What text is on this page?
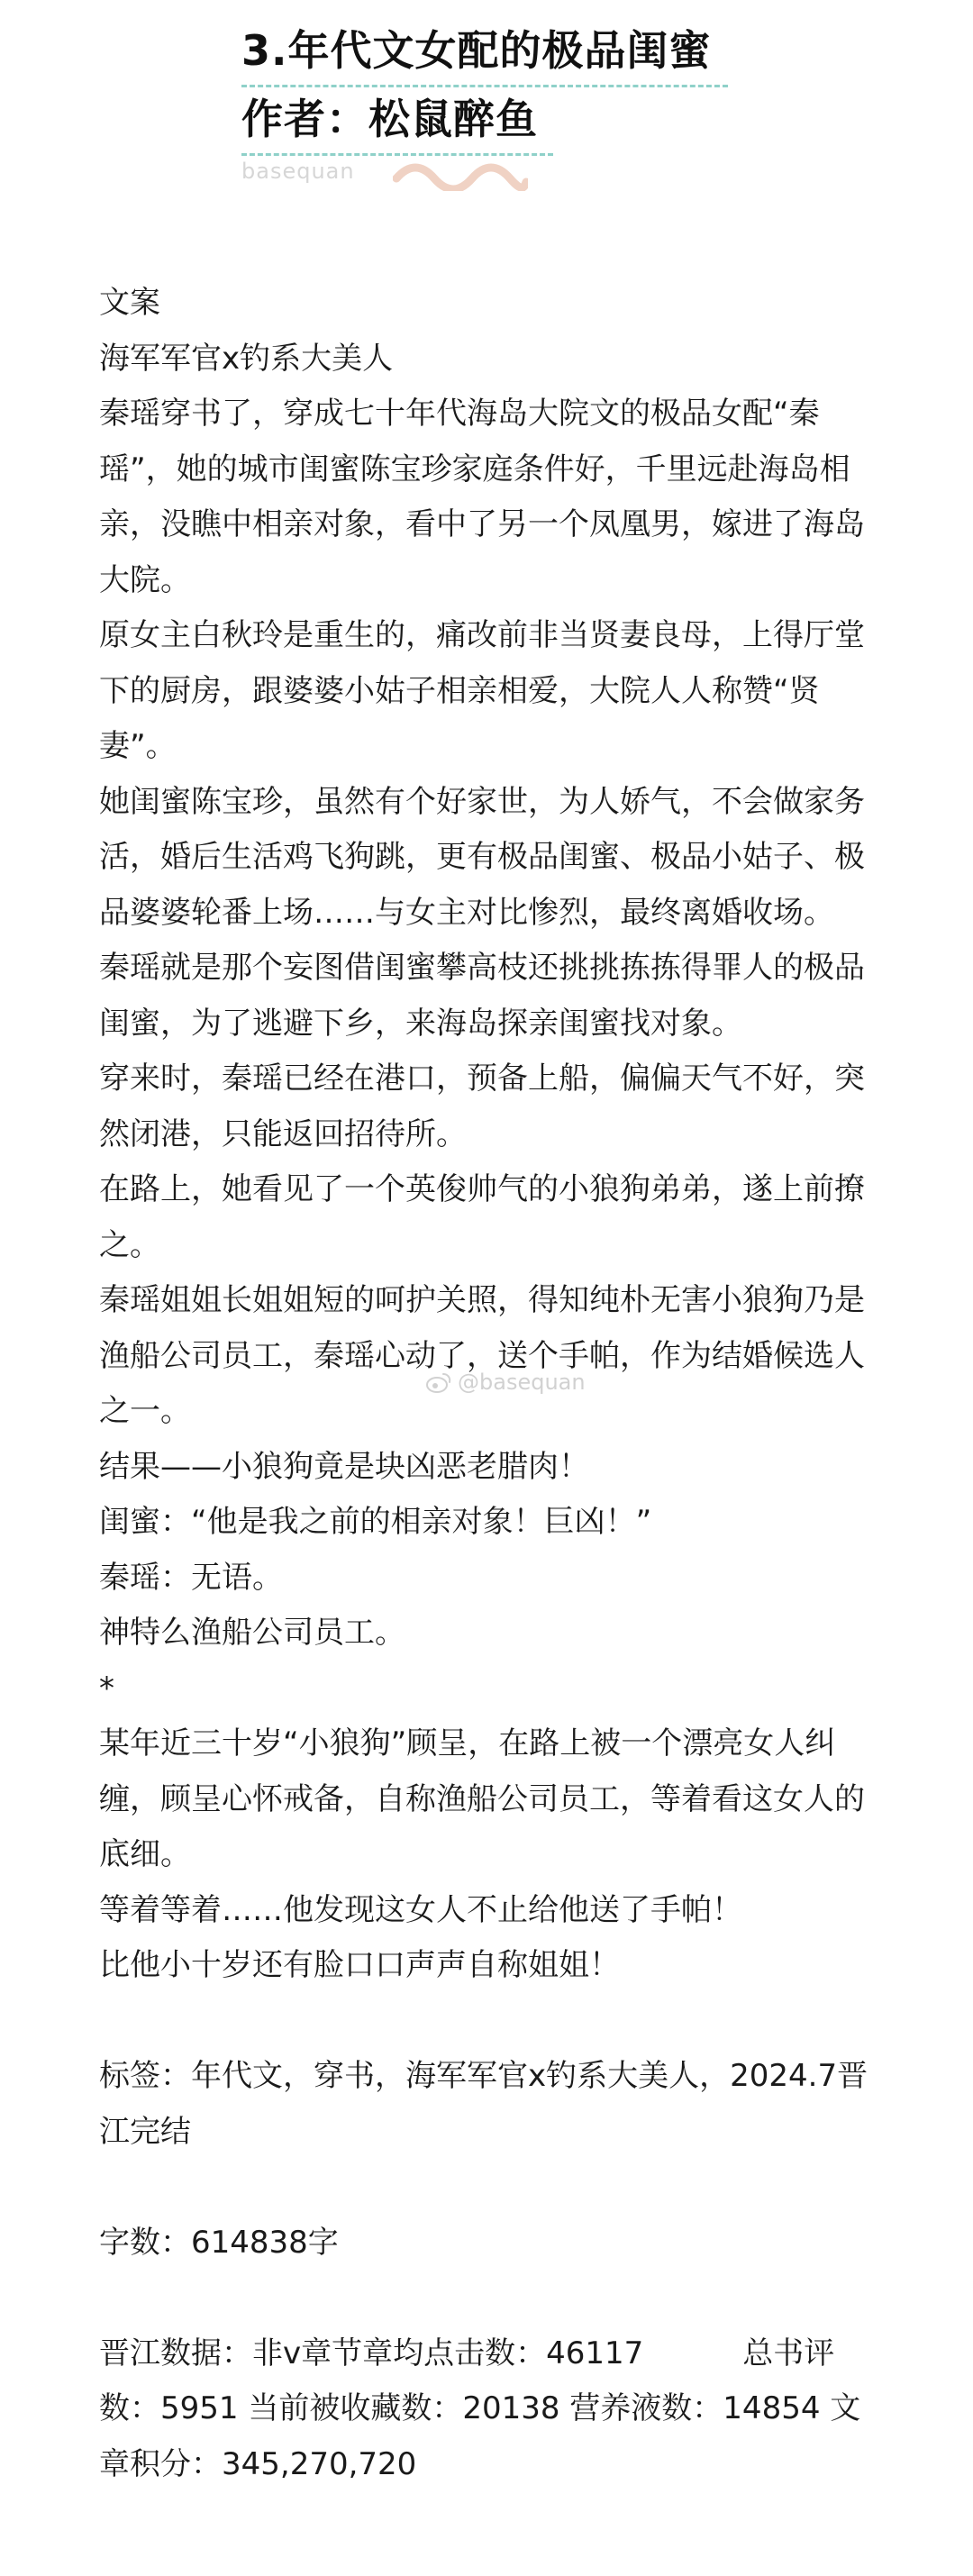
3.年代文女配的极品闺蜜
作者：松鼠醉鱼
basequan

文案

海军军官x钓系大美人

秦瑶穿书了，穿成七十年代海岛大院文的极品女配“秦瑶”，她的城市闺蜜陈宝珍家庭条件好，千里远赴海岛相亲，没瞧中相亲对象，看中了另一个凤凰男，嫁进了海岛大院。

原女主白秋玲是重生的，痛改前非当贤妻良母，上得厅堂下的厨房，跟婆婆小姑子相亲相爱，大院人人称赞“贤妻”。

她闺蜜陈宝珍，虽然有个好家世，为人娇气，不会做家务活，婚后生活鸡飞狗跳，更有极品闺蜜、极品小姑子、极品婆婆轮番上场……与女主对比惨烈，最终离婚收场。

秦瑶就是那个妄图借闺蜜攀高枝还挑挑拣拣得罪人的极品闺蜜，为了逃避下乡，来海岛探亲闺蜜找对象。

穿来时，秦瑶已经在港口，预备上船，偏偏天气不好，突然闭港，只能返回招待所。

在路上，她看见了一个英俊帅气的小狼狗弟弟，遂上前撩之。

秦瑶姐姐长姐姐短的呵护关照，得知纯朴无害小狼狗乃是渔船公司员工，秦瑶心动了，送个手帕，作为结婚候选人之一。

结果——小狼狗竟是块凶恶老腊肉！

闺蜜：“他是我之前的相亲对象！巨凶！”

秦瑶：无语。

神特么渔船公司员工。

*

某年近三十岁“小狼狗”顾呈，在路上被一个漂亮女人纠缠，顾呈心怀戒备，自称渔船公司员工，等着看这女人的底细。

等着等着……他发现这女人不止给他送了手帕！

比他小十岁还有脸口口声声自称姐姐！

标签：年代文，穿书，海军军官x钓系大美人，2024.7晋江完结

字数：614838字

晋江数据：非v章节章均点击数：46117	总书评数：5951 当前被收藏数：20138 营养液数：14854 文章积分：345,270,720

@basequan
